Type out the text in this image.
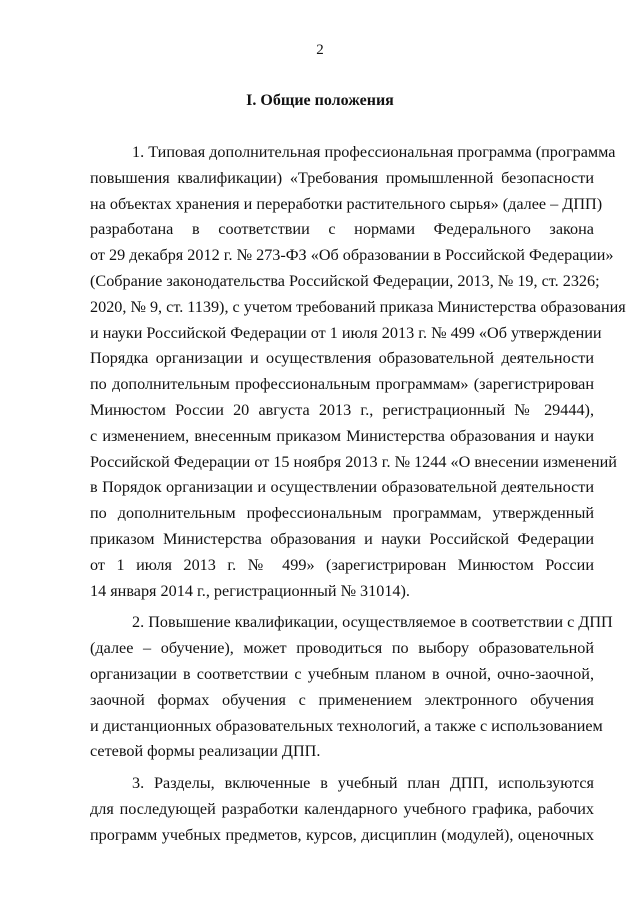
2
I. Общие положения
1. Типовая дополнительная профессиональная программа (программа
повышения квалификации) «Требования промышленной безопасности
на объектах хранения и переработки растительного сырья» (далее – ДПП)
разработана в соответствии с нормами Федерального закона
от 29 декабря 2012 г. № 273-ФЗ «Об образовании в Российской Федерации»
(Собрание законодательства Российской Федерации, 2013, № 19, ст. 2326;
2020, № 9, ст. 1139), с учетом требований приказа Министерства образования
и науки Российской Федерации от 1 июля 2013 г. № 499 «Об утверждении
Порядка организации и осуществления образовательной деятельности
по дополнительным профессиональным программам» (зарегистрирован
Минюстом России 20 августа 2013 г., регистрационный № 29444),
с изменением, внесенным приказом Министерства образования и науки
Российской Федерации от 15 ноября 2013 г. № 1244 «О внесении изменений
в Порядок организации и осуществлении образовательной деятельности
по дополнительным профессиональным программам, утвержденный
приказом Министерства образования и науки Российской Федерации
от 1 июля 2013 г. № 499» (зарегистрирован Минюстом России
14 января 2014 г., регистрационный № 31014).
2. Повышение квалификации, осуществляемое в соответствии с ДПП
(далее – обучение), может проводиться по выбору образовательной
организации в соответствии с учебным планом в очной, очно-заочной,
заочной формах обучения с применением электронного обучения
и дистанционных образовательных технологий, а также с использованием
сетевой формы реализации ДПП.
3. Разделы, включенные в учебный план ДПП, используются
для последующей разработки календарного учебного графика, рабочих
программ учебных предметов, курсов, дисциплин (модулей), оценочных
